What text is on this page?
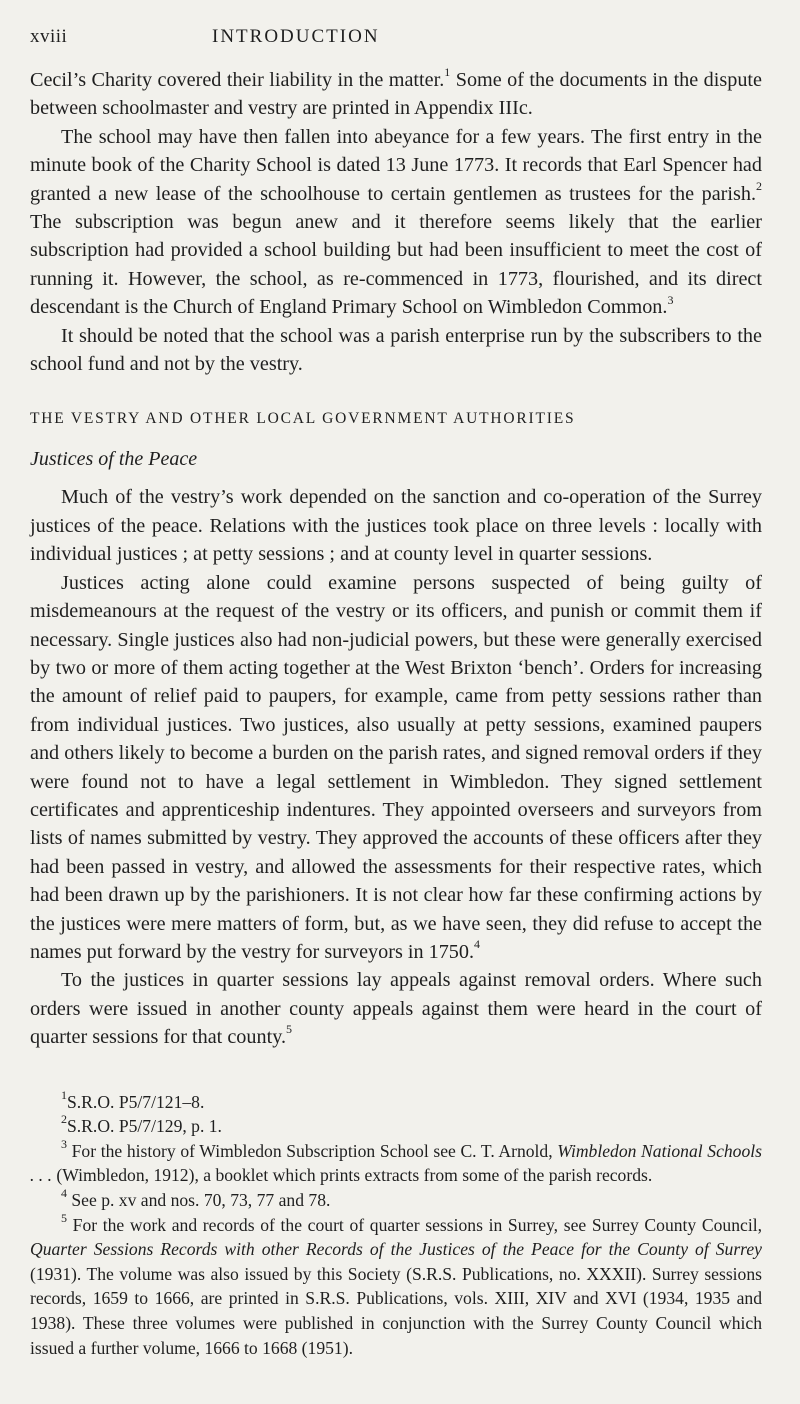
xviii	INTRODUCTION

Cecil’s Charity covered their liability in the matter.$^1$ Some of the documents in the dispute between schoolmaster and vestry are printed in Appendix IIIc.

The school may have then fallen into abeyance for a few years. The first entry in the minute book of the Charity School is dated 13 June 1773. It records that Earl Spencer had granted a new lease of the schoolhouse to certain gentlemen as trustees for the parish.$^2$ The subscription was begun anew and it therefore seems likely that the earlier subscription had provided a school building but had been insufficient to meet the cost of running it. However, the school, as re-commenced in 1773, flourished, and its direct descendant is the Church of England Primary School on Wimbledon Common.$^3$

It should be noted that the school was a parish enterprise run by the subscribers to the school fund and not by the vestry.

THE VESTRY AND OTHER LOCAL GOVERNMENT AUTHORITIES
Justices of the Peace

Much of the vestry’s work depended on the sanction and co-operation of the Surrey justices of the peace. Relations with the justices took place on three levels : locally with individual justices ; at petty sessions ; and at county level in quarter sessions.

Justices acting alone could examine persons suspected of being guilty of misdemeanours at the request of the vestry or its officers, and punish or commit them if necessary. Single justices also had non-judicial powers, but these were generally exercised by two or more of them acting together at the West Brixton ‘bench’. Orders for increasing the amount of relief paid to paupers, for example, came from petty sessions rather than from individual justices. Two justices, also usually at petty sessions, examined paupers and others likely to become a burden on the parish rates, and signed removal orders if they were found not to have a legal settlement in Wimbledon. They signed settlement certificates and apprenticeship indentures. They appointed overseers and surveyors from lists of names submitted by vestry. They approved the accounts of these officers after they had been passed in vestry, and allowed the assessments for their respective rates, which had been drawn up by the parishioners. It is not clear how far these confirming actions by the justices were mere matters of form, but, as we have seen, they did refuse to accept the names put forward by the vestry for surveyors in 1750.$^4$

To the justices in quarter sessions lay appeals against removal orders. Where such orders were issued in another county appeals against them were heard in the court of quarter sessions for that county.$^5$

$^1$S.R.O. P5/7/121–8.

$^2$S.R.O. P5/7/129, p. 1.

$^3$ For the history of Wimbledon Subscription School see C. T. Arnold, Wimbledon National Schools . . . (Wimbledon, 1912), a booklet which prints extracts from some of the parish records.

$^4$ See p. xv and nos. 70, 73, 77 and 78.

$^5$ For the work and records of the court of quarter sessions in Surrey, see Surrey County Council, Quarter Sessions Records with other Records of the Justices of the Peace for the County of Surrey (1931). The volume was also issued by this Society (S.R.S. Publications, no. XXXII). Surrey sessions records, 1659 to 1666, are printed in S.R.S. Publications, vols. XIII, XIV and XVI (1934, 1935 and 1938). These three volumes were published in conjunction with the Surrey County Council which issued a further volume, 1666 to 1668 (1951).
